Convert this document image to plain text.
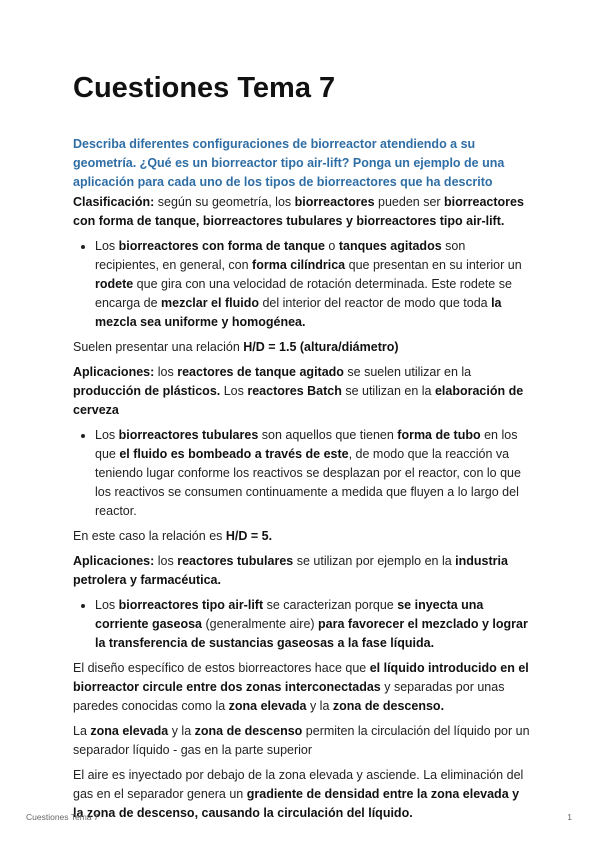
Cuestiones Tema 7

Describa diferentes configuraciones de biorreactor atendiendo a su geometría. ¿Qué es un biorreactor tipo air-lift? Ponga un ejemplo de una aplicación para cada uno de los tipos de biorreactores que ha descrito

Clasificación: según su geometría, los biorreactores pueden ser biorreactores con forma de tanque, biorreactores tubulares y biorreactores tipo air-lift.

• Los biorreactores con forma de tanque o tanques agitados son recipientes, en general, con forma cilíndrica que presentan en su interior un rodete que gira con una velocidad de rotación determinada. Este rodete se encarga de mezclar el fluido del interior del reactor de modo que toda la mezcla sea uniforme y homogénea.

Suelen presentar una relación H/D = 1.5 (altura/diámetro)

Aplicaciones: los reactores de tanque agitado se suelen utilizar en la producción de plásticos. Los reactores Batch se utilizan en la elaboración de cerveza

• Los biorreactores tubulares son aquellos que tienen forma de tubo en los que el fluido es bombeado a través de este, de modo que la reacción va teniendo lugar conforme los reactivos se desplazan por el reactor, con lo que los reactivos se consumen continuamente a medida que fluyen a lo largo del reactor.

En este caso la relación es H/D = 5.

Aplicaciones: los reactores tubulares se utilizan por ejemplo en la industria petrolera y farmacéutica.

• Los biorreactores tipo air-lift se caracterizan porque se inyecta una corriente gaseosa (generalmente aire) para favorecer el mezclado y lograr la transferencia de sustancias gaseosas a la fase líquida.

El diseño específico de estos biorreactores hace que el líquido introducido en el biorreactor circule entre dos zonas interconectadas y separadas por unas paredes conocidas como la zona elevada y la zona de descenso.

La zona elevada y la zona de descenso permiten la circulación del líquido por un separador líquido - gas en la parte superior

El aire es inyectado por debajo de la zona elevada y asciende. La eliminación del gas en el separador genera un gradiente de densidad entre la zona elevada y la zona de descenso, causando la circulación del líquido.

Cuestiones Tema 7	1
